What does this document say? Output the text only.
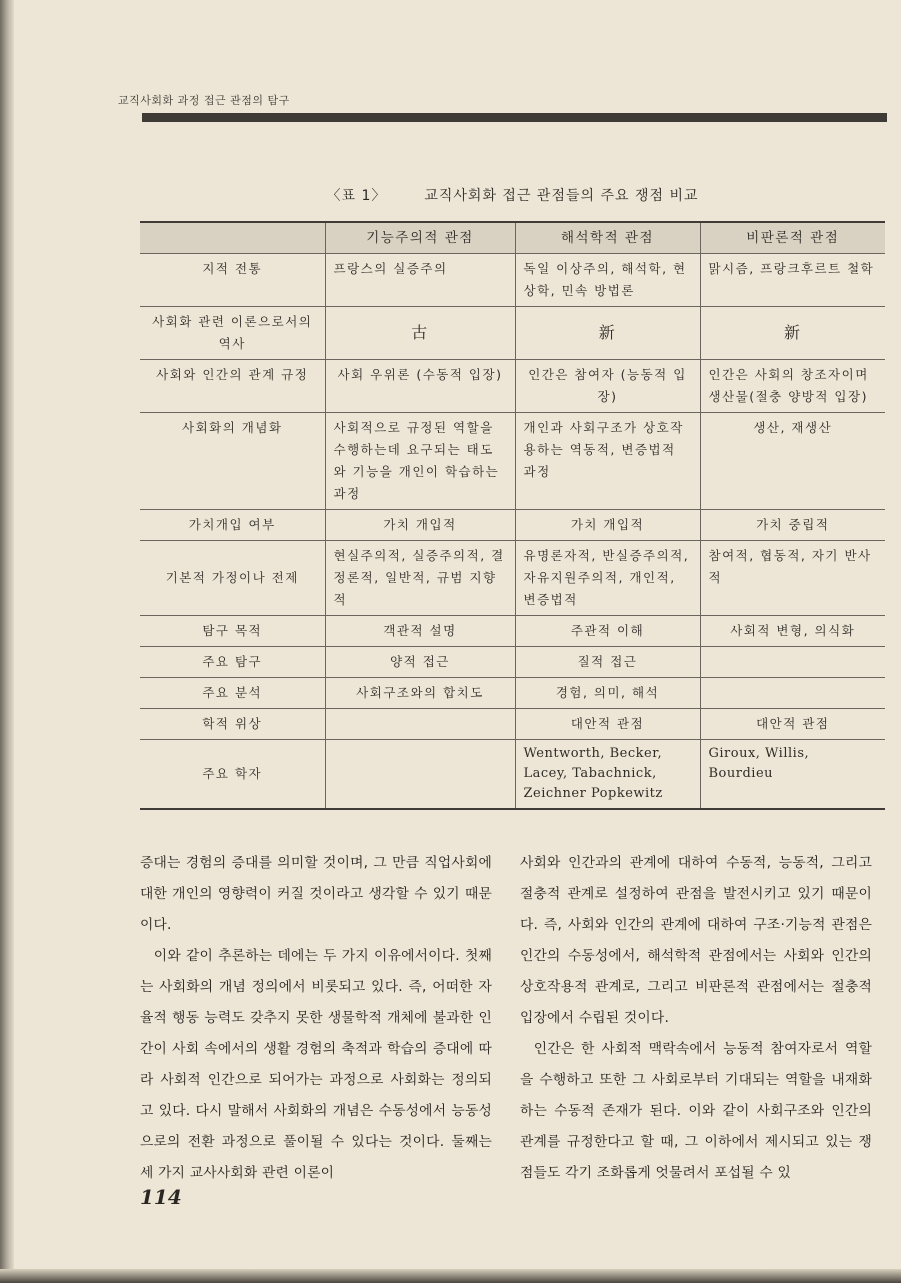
교직사회화 과정 접근 관점의 탐구
〈표 1〉	교직사회화 접근 관점들의 주요 쟁점 비교
	기능주의적 관점	해석학적 관점	비판론적 관점
지적 전통	프랑스의 실증주의	독일 이상주의, 해석학, 현상학, 민속 방법론	맑시즘, 프랑크후르트 철학
사회화 관련 이론으로서의 역사	古	新	新
사회와 인간의 관계 규정	사회 우위론 (수동적 입장)	인간은 참여자 (능동적 입장)	인간은 사회의 창조자이며 생산물(절충 양방적 입장)
사회화의 개념화	사회적으로 규정된 역할을 수행하는데 요구되는 태도와 기능을 개인이 학습하는 과정	개인과 사회구조가 상호작용하는 역동적, 변증법적 과정	생산, 재생산
가치개입 여부	가치 개입적	가치 개입적	가치 중립적
기본적 가정이나 전제	현실주의적, 실증주의적, 결정론적, 일반적, 규범 지향적	유명론자적, 반실증주의적, 자유지원주의적, 개인적, 변증법적	참여적, 협동적, 자기 반사적
탐구 목적	객관적 설명	주관적 이해	사회적 변형, 의식화
주요 탐구	양적 접근	질적 접근	
주요 분석	사회구조와의 합치도	경험, 의미, 해석	
학적 위상		대안적 관점	대안적 관점
주요 학자		Wentworth, Becker, Lacey, Tabachnick, Zeichner Popkewitz	Giroux, Willis, Bourdieu

증대는 경험의 증대를 의미할 것이며, 그 만큼 직업사회에 대한 개인의 영향력이 커질 것이라고 생각할 수 있기 때문이다.

이와 같이 추론하는 데에는 두 가지 이유에서이다. 첫째는 사회화의 개념 정의에서 비롯되고 있다. 즉, 어떠한 자율적 행동 능력도 갖추지 못한 생물학적 개체에 불과한 인간이 사회 속에서의 생활 경험의 축적과 학습의 증대에 따라 사회적 인간으로 되어가는 과정으로 사회화는 정의되고 있다. 다시 말해서 사회화의 개념은 수동성에서 능동성으로의 전환 과정으로 풀이될 수 있다는 것이다. 둘째는 세 가지 교사사회화 관련 이론이

사회와 인간과의 관계에 대하여 수동적, 능동적, 그리고 절충적 관계로 설정하여 관점을 발전시키고 있기 때문이다. 즉, 사회와 인간의 관계에 대하여 구조·기능적 관점은 인간의 수동성에서, 해석학적 관점에서는 사회와 인간의 상호작용적 관계로, 그리고 비판론적 관점에서는 절충적 입장에서 수립된 것이다.

인간은 한 사회적 맥락속에서 능동적 참여자로서 역할을 수행하고 또한 그 사회로부터 기대되는 역할을 내재화하는 수동적 존재가 된다. 이와 같이 사회구조와 인간의 관계를 규정한다고 할 때, 그 이하에서 제시되고 있는 쟁점들도 각기 조화롭게 엇물려서 포섭될 수 있

114
